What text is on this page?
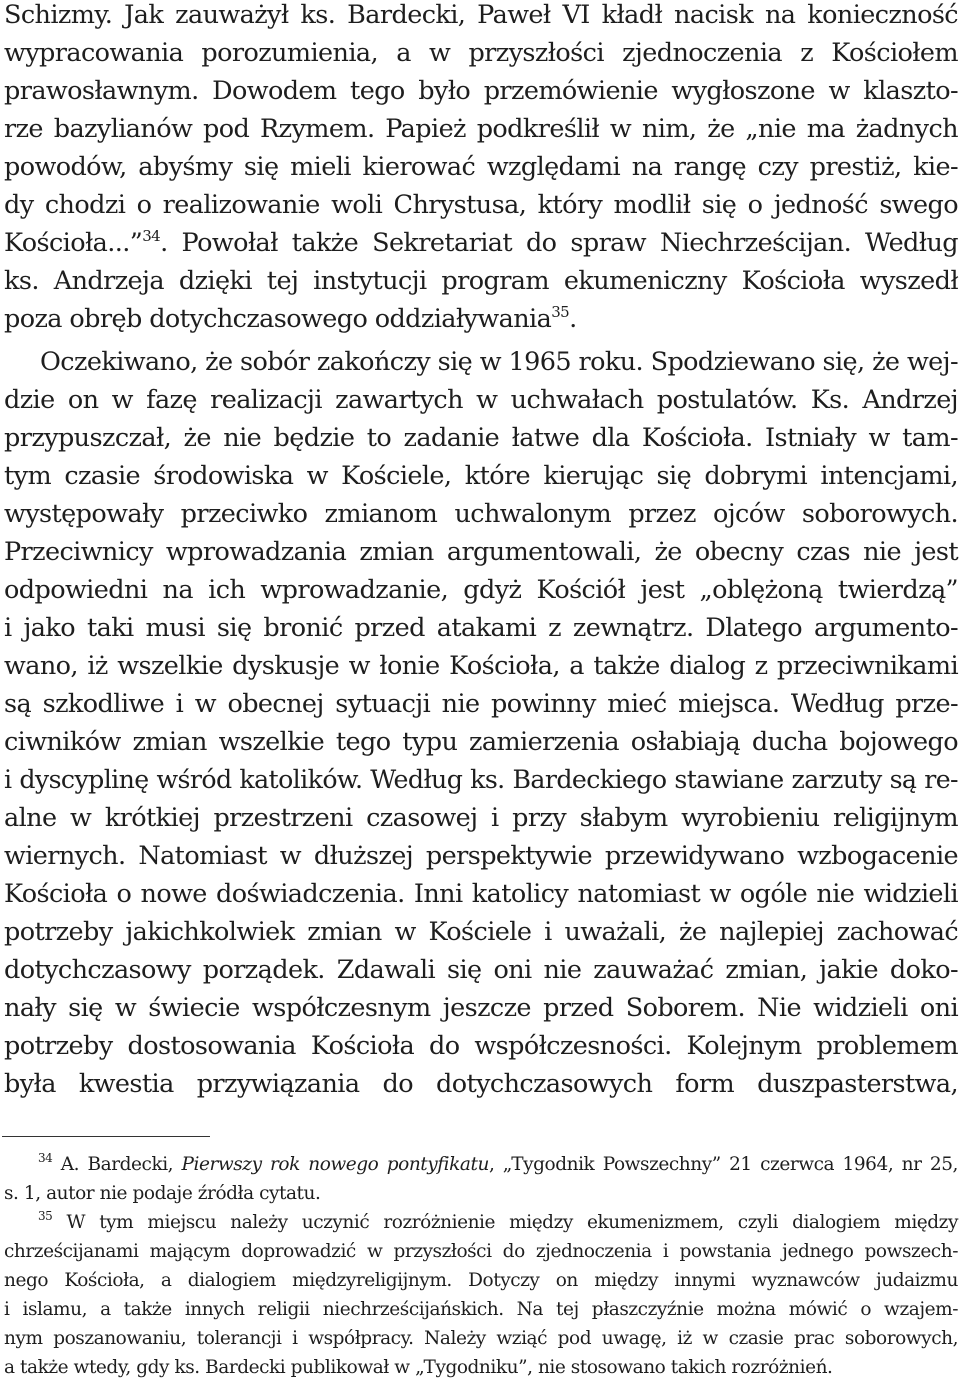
Schizmy. Jak zauważył ks. Bardecki, Paweł VI kładł nacisk na konieczność
wypracowania porozumienia, a w przyszłości zjednoczenia z Kościołem
prawosławnym. Dowodem tego było przemówienie wygłoszone w klaszto-
rze bazylianów pod Rzymem. Papież podkreślił w nim, że „nie ma żadnych
powodów, abyśmy się mieli kierować względami na rangę czy prestiż, kie-
dy chodzi o realizowanie woli Chrystusa, który modlił się o jedność swego
Kościoła...”$^{34}$. Powołał także Sekretariat do spraw Niechrześcijan. Według
ks. Andrzeja dzięki tej instytucji program ekumeniczny Kościoła wyszedł
poza obręb dotychczasowego oddziaływania$^{35}$.
Oczekiwano, że sobór zakończy się w 1965 roku. Spodziewano się, że wej-
dzie on w fazę realizacji zawartych w uchwałach postulatów. Ks. Andrzej
przypuszczał, że nie będzie to zadanie łatwe dla Kościoła. Istniały w tam-
tym czasie środowiska w Kościele, które kierując się dobrymi intencjami,
występowały przeciwko zmianom uchwalonym przez ojców soborowych.
Przeciwnicy wprowadzania zmian argumentowali, że obecny czas nie jest
odpowiedni na ich wprowadzanie, gdyż Kościół jest „oblężoną twierdzą”
i jako taki musi się bronić przed atakami z zewnątrz. Dlatego argumento-
wano, iż wszelkie dyskusje w łonie Kościoła, a także dialog z przeciwnikami
są szkodliwe i w obecnej sytuacji nie powinny mieć miejsca. Według prze-
ciwników zmian wszelkie tego typu zamierzenia osłabiają ducha bojowego
i dyscyplinę wśród katolików. Według ks. Bardeckiego stawiane zarzuty są re-
alne w krótkiej przestrzeni czasowej i przy słabym wyrobieniu religijnym
wiernych. Natomiast w dłuższej perspektywie przewidywano wzbogacenie
Kościoła o nowe doświadczenia. Inni katolicy natomiast w ogóle nie widzieli
potrzeby jakichkolwiek zmian w Kościele i uważali, że najlepiej zachować
dotychczasowy porządek. Zdawali się oni nie zauważać zmian, jakie doko-
nały się w świecie współczesnym jeszcze przed Soborem. Nie widzieli oni
potrzeby dostosowania Kościoła do współczesności. Kolejnym problemem
była kwestia przywiązania do dotychczasowych form duszpasterstwa,
$^{34}$ A. Bardecki, Pierwszy rok nowego pontyfikatu, „Tygodnik Powszechny” 21 czerwca 1964, nr 25,
s. 1, autor nie podaje źródła cytatu.
$^{35}$ W tym miejscu należy uczynić rozróżnienie między ekumenizmem, czyli dialogiem między
chrześcijanami mającym doprowadzić w przyszłości do zjednoczenia i powstania jednego powszech-
nego Kościoła, a dialogiem międzyreligijnym. Dotyczy on między innymi wyznawców judaizmu
i islamu, a także innych religii niechrześcijańskich. Na tej płaszczyźnie można mówić o wzajem-
nym poszanowaniu, tolerancji i współpracy. Należy wziąć pod uwagę, iż w czasie prac soborowych,
a także wtedy, gdy ks. Bardecki publikował w „Tygodniku”, nie stosowano takich rozróżnień.
